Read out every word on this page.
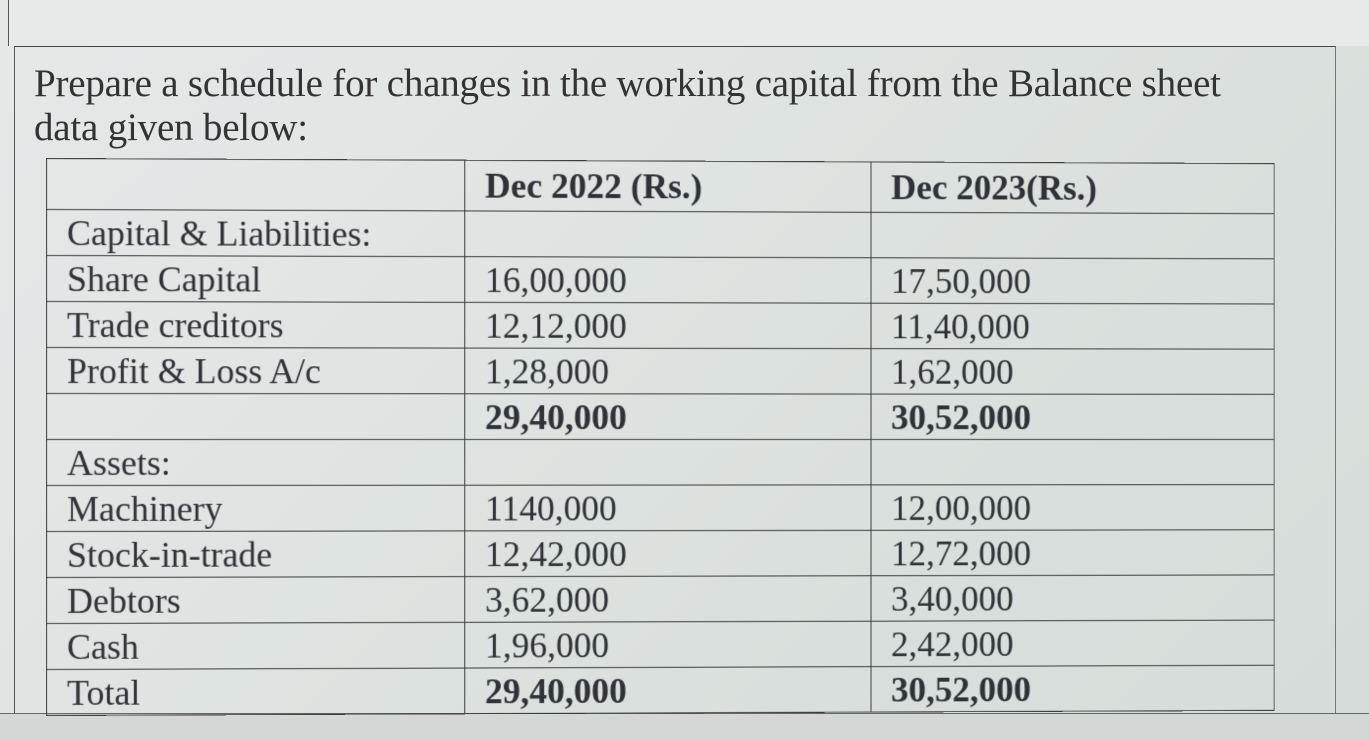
Prepare a schedule for changes in the working capital from the Balance sheet data given below:
	Dec 2022 (Rs.)	Dec 2023(Rs.)
Capital & Liabilities:		
Share Capital	16,00,000	17,50,000
Trade creditors	12,12,000	11,40,000
Profit & Loss A/c	1,28,000	1,62,000
	29,40,000	30,52,000
Assets:		
Machinery	1140,000	12,00,000
Stock-in-trade	12,42,000	12,72,000
Debtors	3,62,000	3,40,000
Cash	1,96,000	2,42,000
Total	29,40,000	30,52,000
